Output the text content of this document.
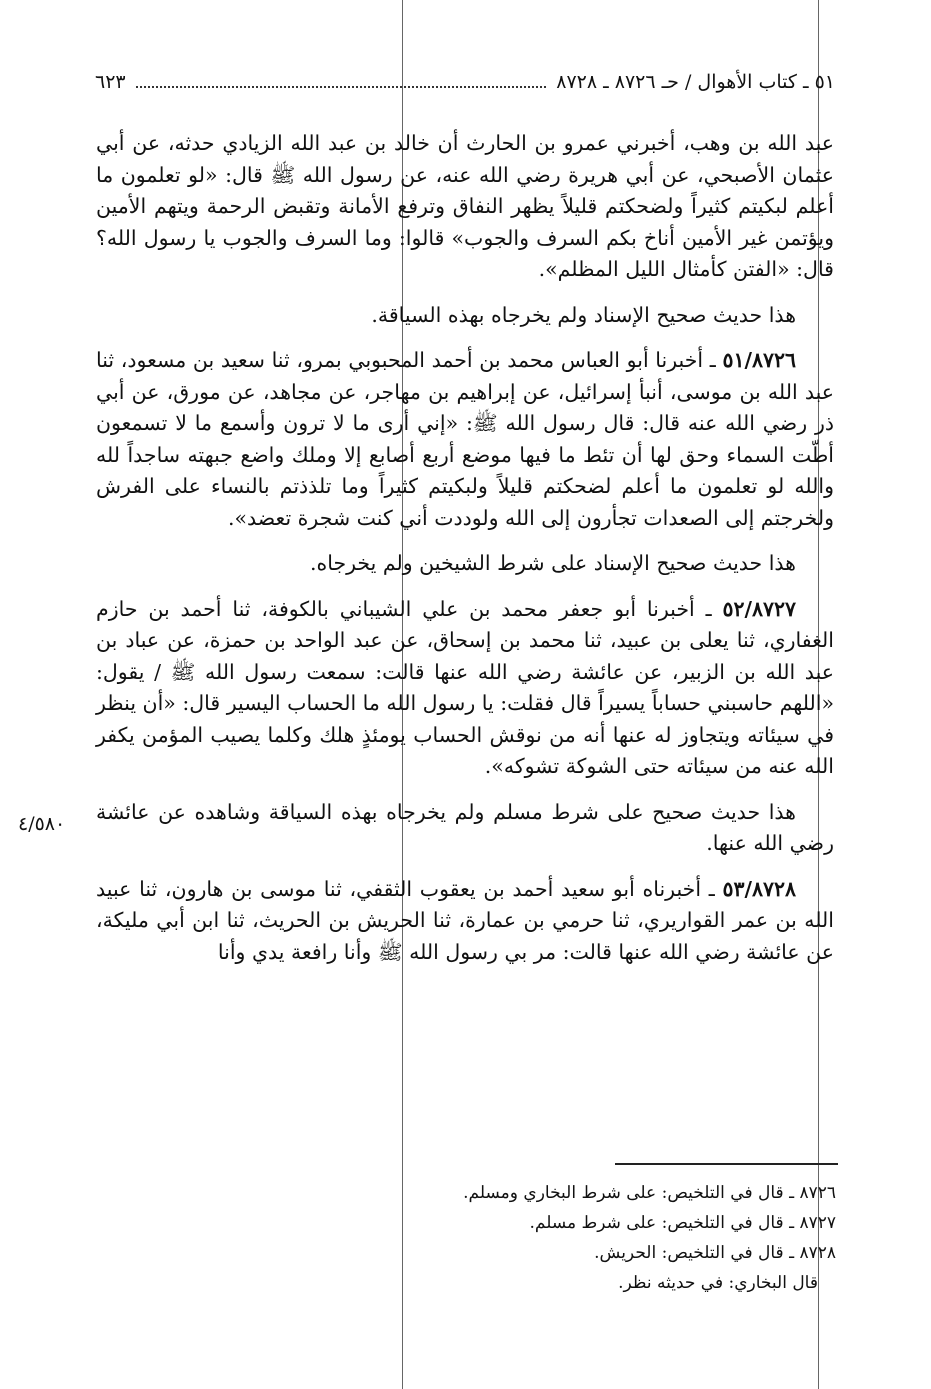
٥١ ـ كتاب الأهوال / حـ ٨٧٢٦ ـ ٨٧٢٨
٦٢٣

عبد الله بن وهب، أخبرني عمرو بن الحارث أن خالد بن عبد الله الزيادي حدثه، عن أبي عثمان الأصبحي، عن أبي هريرة رضي الله عنه، عن رسول الله ﷺ قال: «لو تعلمون ما أعلم لبكيتم كثيراً ولضحكتم قليلاً يظهر النفاق وترفع الأمانة وتقبض الرحمة ويتهم الأمين ويؤتمن غير الأمين أناخ بكم السرف والجوب» قالوا: وما السرف والجوب يا رسول الله؟ قال: «الفتن كأمثال الليل المظلم».

هذا حديث صحيح الإسناد ولم يخرجاه بهذه السياقة.

٥١/٨٧٢٦ ـ أخبرنا أبو العباس محمد بن أحمد المحبوبي بمرو، ثنا سعيد بن مسعود، ثنا عبد الله بن موسى، أنبأ إسرائيل، عن إبراهيم بن مهاجر، عن مجاهد، عن مورق، عن أبي ذر رضي الله عنه قال: قال رسول الله ﷺ: «إني أرى ما لا ترون وأسمع ما لا تسمعون أطّت السماء وحق لها أن تئط ما فيها موضع أربع أصابع إلا وملك واضع جبهته ساجداً لله والله لو تعلمون ما أعلم لضحكتم قليلاً ولبكيتم كثيراً وما تلذذتم بالنساء على الفرش ولخرجتم إلى الصعدات تجأرون إلى الله ولوددت أني كنت شجرة تعضد».

هذا حديث صحيح الإسناد على شرط الشيخين ولم يخرجاه.

٥٢/٨٧٢٧ ـ أخبرنا أبو جعفر محمد بن علي الشيباني بالكوفة، ثنا أحمد بن حازم الغفاري، ثنا يعلى بن عبيد، ثنا محمد بن إسحاق، عن عبد الواحد بن حمزة، عن عباد بن عبد الله بن الزبير، عن عائشة رضي الله عنها قالت: سمعت رسول الله ﷺ / يقول: «اللهم حاسبني حساباً يسيراً قال فقلت: يا رسول الله ما الحساب اليسير قال: «أن ينظر في سيئاته ويتجاوز له عنها أنه من نوقش الحساب يومئذٍ هلك وكلما يصيب المؤمن يكفر الله عنه من سيئاته حتى الشوكة تشوكه».

هذا حديث صحيح على شرط مسلم ولم يخرجاه بهذه السياقة وشاهده عن عائشة رضي الله عنها.

٥٣/٨٧٢٨ ـ أخبرناه أبو سعيد أحمد بن يعقوب الثقفي، ثنا موسى بن هارون، ثنا عبيد الله بن عمر القواريري، ثنا حرمي بن عمارة، ثنا الحريش بن الحريث، ثنا ابن أبي مليكة، عن عائشة رضي الله عنها قالت: مر بي رسول الله ﷺ وأنا رافعة يدي وأنا

٤/٥٨٠
٨٧٢٦ ـ قال في التلخيص: على شرط البخاري ومسلم.
٨٧٢٧ ـ قال في التلخيص: على شرط مسلم.
٨٧٢٨ ـ قال في التلخيص: الحريش.
قال البخاري: في حديثه نظر.
